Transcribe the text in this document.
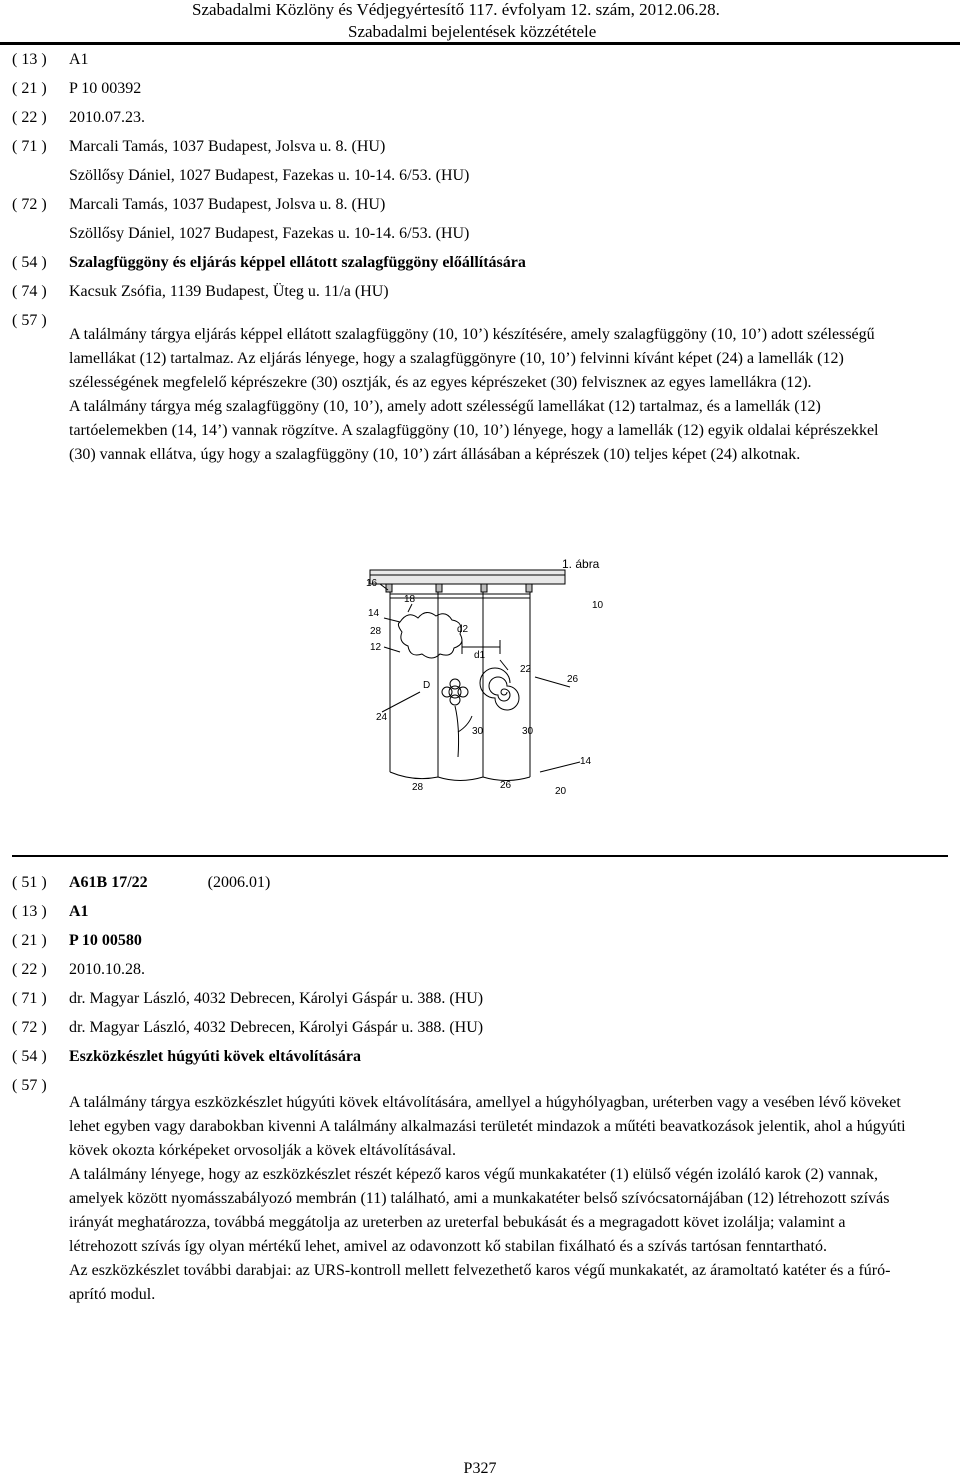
Szabadalmi Közlöny és Védjegyértesítő 117. évfolyam 12. szám, 2012.06.28.
Szabadalmi bejelentések közzététele
( 13 ) A1
( 21 ) P 10 00392
( 22 ) 2010.07.23.
( 71 ) Marcali Tamás, 1037 Budapest, Jolsva u. 8. (HU)
Szöllősy Dániel, 1027 Budapest, Fazekas u. 10-14. 6/53. (HU)
( 72 ) Marcali Tamás, 1037 Budapest, Jolsva u. 8. (HU)
Szöllősy Dániel, 1027 Budapest, Fazekas u. 10-14. 6/53. (HU)
( 54 ) Szalagfüggöny és eljárás képpel ellátott szalagfüggöny előállítására
( 74 ) Kacsuk Zsófia, 1139 Budapest, Üteg u. 11/a (HU)
( 57 )

A találmány tárgya eljárás képpel ellátott szalagfüggöny (10, 10’) készítésére, amely szalagfüggöny (10, 10’) adott szélességű lamellákat (12) tartalmaz. Az eljárás lényege, hogy a szalagfüggönyre (10, 10’) felvinni kívánt képet (24) a lamellák (12) szélességének megfelelő képrészekre (30) osztják, és az egyes képrészeket (30) felviszneк az egyes lamellákra (12).

A találmány tárgya még szalagfüggöny (10, 10’), amely adott szélességű lamellákat (12) tartalmaz, és a lamellák (12) tartóelemekben (14, 14’) vannak rögzítve. A szalagfüggöny (10, 10’) lényege, hogy a lamellák (12) egyik oldalai képrészekkel (30) vannak ellátva, úgy hogy a szalagfüggöny (10, 10’) zárt állásában a képrészek (10) teljes képet (24) alkotnak.

1. ábra
16
18
10
14
28
12
d2
d1
22
D
26
24
30	30
14
28	26
20
( 51 ) A61B 17/22	(2006.01)
( 13 ) A1
( 21 ) P 10 00580
( 22 ) 2010.10.28.
( 71 ) dr. Magyar László, 4032 Debrecen, Károlyi Gáspár u. 388. (HU)
( 72 ) dr. Magyar László, 4032 Debrecen, Károlyi Gáspár u. 388. (HU)
( 54 ) Eszközkészlet húgyúti kövek eltávolítására
( 57 )

A találmány tárgya eszközkészlet húgyúti kövek eltávolítására, amellyel a húgyhólyagban, uréterben vagy a vesében lévő köveket lehet egyben vagy darabokban kivenni A találmány alkalmazási területét mindazok a műtéti beavatkozások jelentik, ahol a húgyúti kövek okozta kórképeket orvosolják a kövek eltávolításával.

A találmány lényege, hogy az eszközkészlet részét képező karos végű munkakatéter (1) elülső végén izoláló karok (2) vannak, amelyek között nyomásszabályozó membrán (11) található, ami a munkakatéter belső szívócsatornájában (12) létrehozott szívás irányát meghatározza, továbbá meggátolja az ureterben az ureterfal bebukását és a megragadott követ izolálja; valamint a létrehozott szívás így olyan mértékű lehet, amivel az odavonzott kő stabilan fixálható és a szívás tartósan fenntartható.

Az eszközkészlet további darabjai: az URS-kontroll mellett felvezethető karos végű munkakatét, az áramoltató katéter és a fúró-aprító modul.

P327
